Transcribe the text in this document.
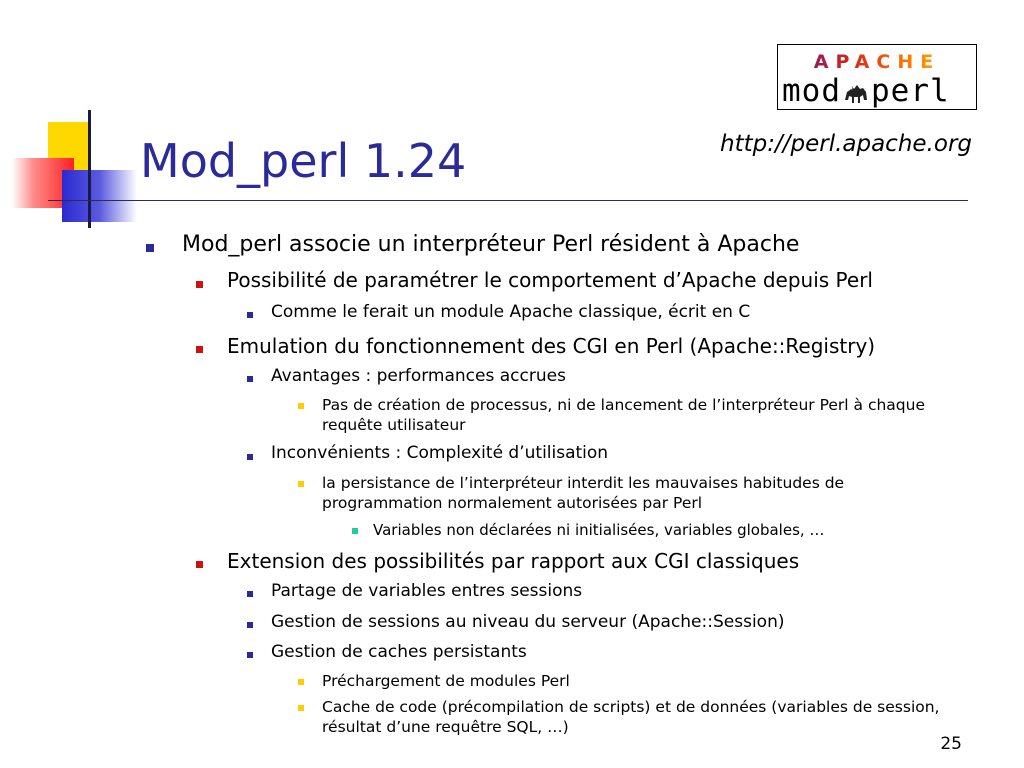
APACHE
mod perl
Mod_perl 1.24	http://perl.apache.org
Mod_perl associe un interpréteur Perl résident à Apache
Possibilité de paramétrer le comportement d’Apache depuis Perl
Comme le ferait un module Apache classique, écrit en C
Emulation du fonctionnement des CGI en Perl (Apache::Registry)
Avantages : performances accrues
Pas de création de processus, ni de lancement de l’interpréteur Perl à chaque requête utilisateur
Inconvénients : Complexité d’utilisation
la persistance de l’interpréteur interdit les mauvaises habitudes de programmation normalement autorisées par Perl
Variables non déclarées ni initialisées, variables globales, …
Extension des possibilités par rapport aux CGI classiques
Partage de variables entres sessions
Gestion de sessions au niveau du serveur (Apache::Session)
Gestion de caches persistants
Préchargement de modules Perl
Cache de code (précompilation de scripts) et de données (variables de session, résultat d’une requêtre SQL, …)
25
